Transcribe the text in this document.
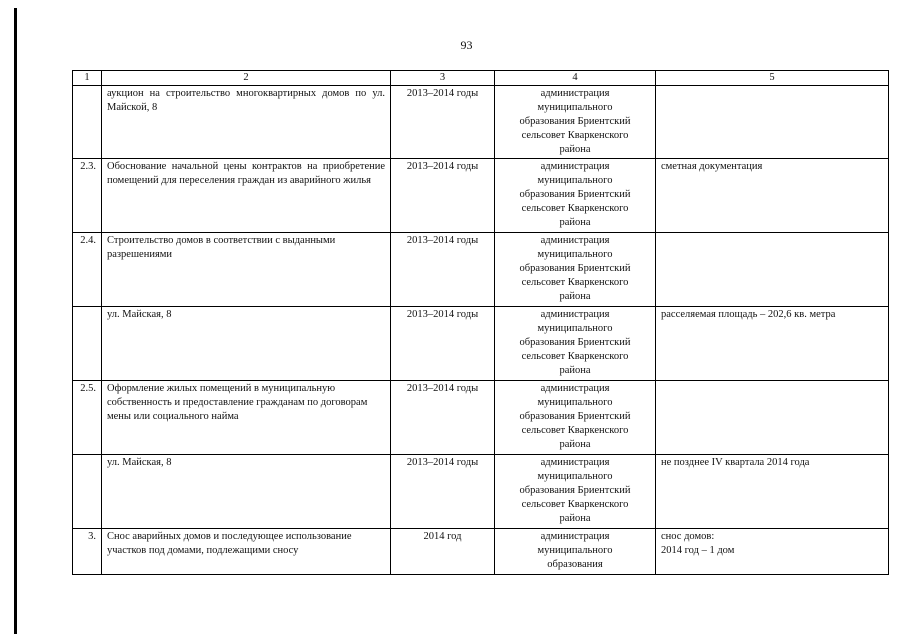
93
1	2	3	4	5
	аукцион на строительство многоквартирных домов по ул. Майской, 8	2013–2014 годы	администрация
муниципального
образования Бриентский
сельсовет Кваркенского
района	
2.3.	Обоснование начальной цены контрактов на приобретение помещений для переселения граждан из аварийного жилья	2013–2014 годы	администрация
муниципального
образования Бриентский
сельсовет Кваркенского
района	сметная документация
2.4.	Строительство домов в соответствии с выданными разрешениями	2013–2014 годы	администрация
муниципального
образования Бриентский
сельсовет Кваркенского
района	
	ул. Майская, 8	2013–2014 годы	администрация
муниципального
образования Бриентский
сельсовет Кваркенского
района	расселяемая площадь – 202,6 кв. метра
2.5.	Оформление жилых помещений в муниципальную собственность и предоставление гражданам по договорам мены или социального найма	2013–2014 годы	администрация
муниципального
образования Бриентский
сельсовет Кваркенского
района	
	ул. Майская, 8	2013–2014 годы	администрация
муниципального
образования Бриентский
сельсовет Кваркенского
района	не позднее IV квартала 2014 года
3.	Снос аварийных домов и последующее использование участков под домами, подлежащими сносу	2014 год	администрация
муниципального
образования	снос домов:
2014 год – 1 дом
